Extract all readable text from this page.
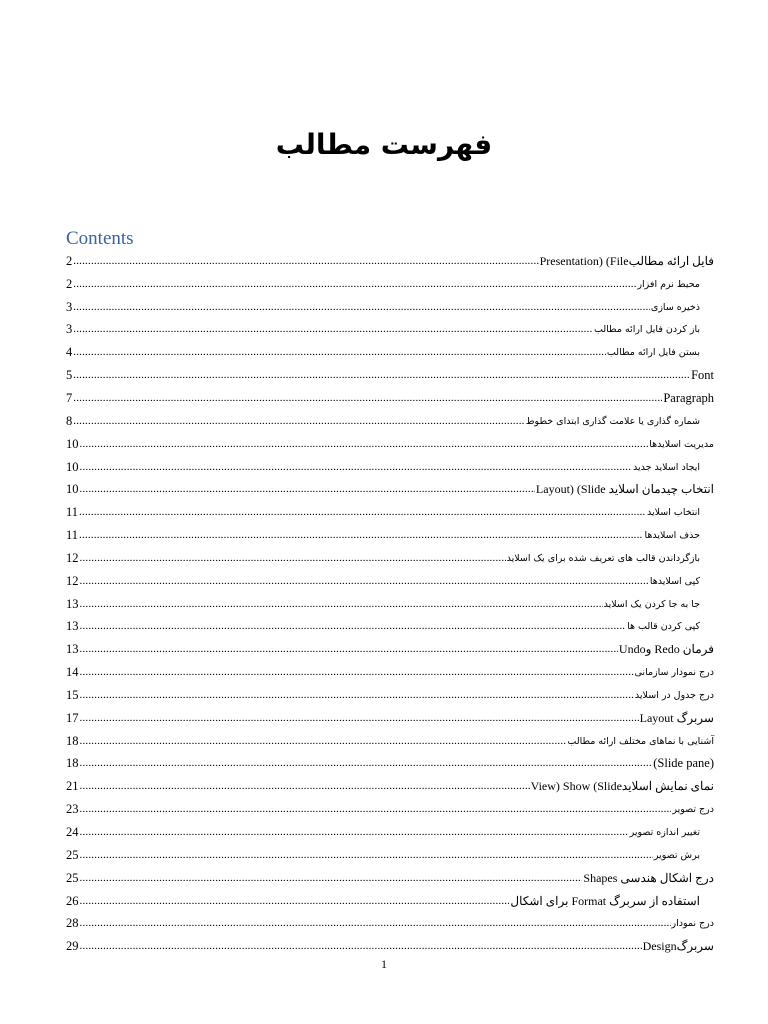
فهرست مطالب
Contents
2 .....	فایل ارائه مطالب‎Presentation) (File
2 .....	محیط نرم افزار
3 .....	ذخیره سازی
3 .....	باز کردن فایل ارائه مطالب
4 .....	بستن فایل ارائه مطالب
5 .....	Font
7 .....	Paragraph
8 .....	شماره گذاری یا علامت گذاری ابتدای خطوط
10 .....	مدیریت اسلایدها
10 .....	ایجاد اسلاید جدید
10 .....	انتخاب چیدمان اسلاید Layout) (Slide
11 .....	انتخاب اسلاید
11 .....	حذف اسلایدها
12 .....	بازگرداندن قالب های تعریف شده برای یک اسلاید
12 .....	کپی اسلایدها
13 .....	جا به جا کردن یک اسلاید
13 .....	کپی کردن قالب ها
13 .....	فرمان Redo وUndo
14 .....	درج نمودار سازمانی
15 .....	درج جدول در اسلاید
17 .....	سربرگ Layout
18 .....	آشنایی با نماهای مختلف ارائه مطالب
18 .....	(Slide pane)
21 .....	نمای نمایش اسلایدView) Show (Slide
23 .....	درج تصویر
24 .....	تغییر اندازه تصویر
25 .....	برش تصویر
25 .....	درج اشکال هندسی Shapes
26 .....	استفاده از سربرگ Format برای اشکال
28 .....	درج نمودار
29 .....	سربرگ‎Design
1
